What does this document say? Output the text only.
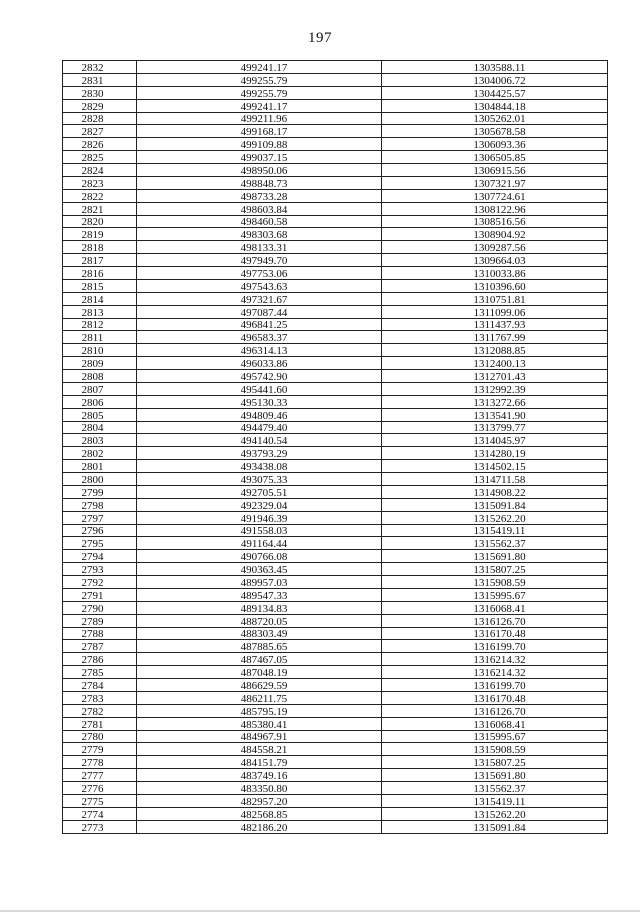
197
2832	499241.17	1303588.11
2831	499255.79	1304006.72
2830	499255.79	1304425.57
2829	499241.17	1304844.18
2828	499211.96	1305262.01
2827	499168.17	1305678.58
2826	499109.88	1306093.36
2825	499037.15	1306505.85
2824	498950.06	1306915.56
2823	498848.73	1307321.97
2822	498733.28	1307724.61
2821	498603.84	1308122.96
2820	498460.58	1308516.56
2819	498303.68	1308904.92
2818	498133.31	1309287.56
2817	497949.70	1309664.03
2816	497753.06	1310033.86
2815	497543.63	1310396.60
2814	497321.67	1310751.81
2813	497087.44	1311099.06
2812	496841.25	1311437.93
2811	496583.37	1311767.99
2810	496314.13	1312088.85
2809	496033.86	1312400.13
2808	495742.90	1312701.43
2807	495441.60	1312992.39
2806	495130.33	1313272.66
2805	494809.46	1313541.90
2804	494479.40	1313799.77
2803	494140.54	1314045.97
2802	493793.29	1314280.19
2801	493438.08	1314502.15
2800	493075.33	1314711.58
2799	492705.51	1314908.22
2798	492329.04	1315091.84
2797	491946.39	1315262.20
2796	491558.03	1315419.11
2795	491164.44	1315562.37
2794	490766.08	1315691.80
2793	490363.45	1315807.25
2792	489957.03	1315908.59
2791	489547.33	1315995.67
2790	489134.83	1316068.41
2789	488720.05	1316126.70
2788	488303.49	1316170.48
2787	487885.65	1316199.70
2786	487467.05	1316214.32
2785	487048.19	1316214.32
2784	486629.59	1316199.70
2783	486211.75	1316170.48
2782	485795.19	1316126.70
2781	485380.41	1316068.41
2780	484967.91	1315995.67
2779	484558.21	1315908.59
2778	484151.79	1315807.25
2777	483749.16	1315691.80
2776	483350.80	1315562.37
2775	482957.20	1315419.11
2774	482568.85	1315262.20
2773	482186.20	1315091.84
